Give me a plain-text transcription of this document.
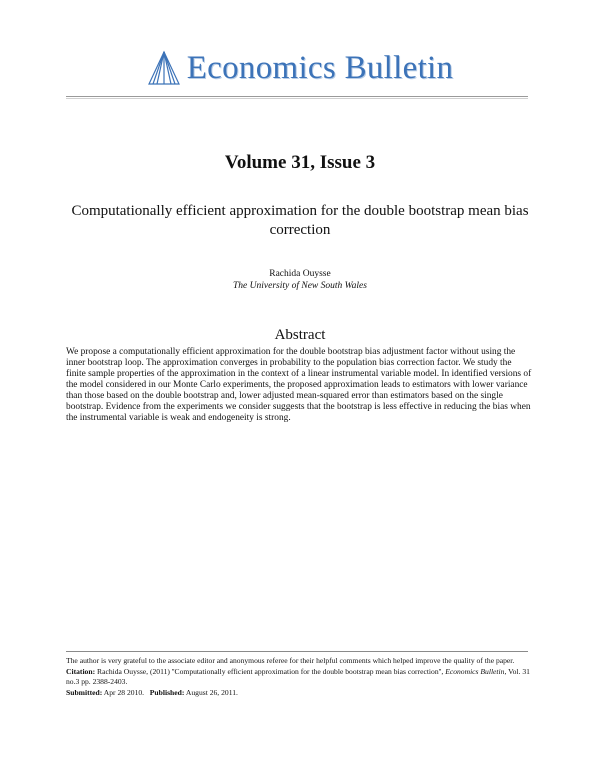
Economics Bulletin
Volume 31, Issue 3
Computationally efficient approximation for the double bootstrap mean bias correction
Rachida Ouysse
The University of New South Wales
Abstract
We propose a computationally efficient approximation for the double bootstrap bias adjustment factor without using the inner bootstrap loop. The approximation converges in probability to the population bias correction factor. We study the finite sample properties of the approximation in the context of a linear instrumental variable model. In identified versions of the model considered in our Monte Carlo experiments, the proposed approximation leads to estimators with lower variance than those based on the double bootstrap and, lower adjusted mean-squared error than estimators based on the single bootstrap. Evidence from the experiments we consider suggests that the bootstrap is less effective in reducing the bias when the instrumental variable is weak and endogeneity is strong.

The author is very grateful to the associate editor and anonymous referee for their helpful comments which helped improve the quality of the paper.

Citation: Rachida Ouysse, (2011) ''Computationally efficient approximation for the double bootstrap mean bias correction'', Economics Bulletin, Vol. 31 no.3 pp. 2388-2403.

Submitted: Apr 28 2010. Published: August 26, 2011.
